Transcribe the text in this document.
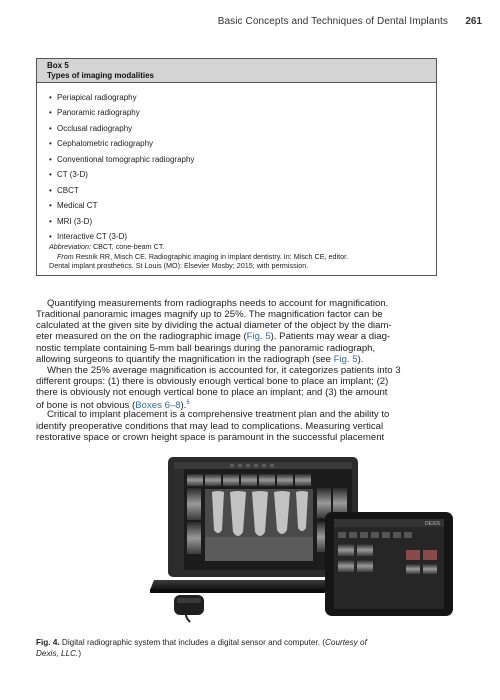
Basic Concepts and Techniques of Dental Implants 261
Box 5
Types of imaging modalities
• Periapical radiography
• Panoramic radiography
• Occlusal radiography
• Cephalometric radiography
• Conventional tomographic radiography
• CT (3-D)
• CBCT
• Medical CT
• MRI (3-D)
• Interactive CT (3-D)
Abbreviation: CBCT, cone-beam CT.
From Resnik RR, Misch CE. Radiographic imaging in implant dentistry. In: Misch CE, editor.
Dental implant prosthetics. St Louis (MO): Elsevier Mosby; 2015; with permission.
Quantifying measurements from radiographs needs to account for magnification.
Traditional panoramic images magnify up to 25%. The magnification factor can be
calculated at the given site by dividing the actual diameter of the object by the diam-
eter measured on the on the radiographic image (Fig. 5). Patients may wear a diag-
nostic template containing 5-mm ball bearings during the panoramic radiograph,
allowing surgeons to quantify the magnification in the radiograph (see Fig. 5).
When the 25% average magnification is accounted for, it categorizes patients into 3
different groups: (1) there is obviously enough vertical bone to place an implant; (2)
there is obviously not enough vertical bone to place an implant; and (3) the amount
of bone is not obvious (Boxes 6–8).$^6$
Critical to implant placement is a comprehensive treatment plan and the ability to
identify preoperative conditions that may lead to complications. Measuring vertical
restorative space or crown height space is paramount in the successful placement
DEXIS
Fig. 4. Digital radiographic system that includes a digital sensor and computer. (Courtesy of
Dexis, LLC.)
